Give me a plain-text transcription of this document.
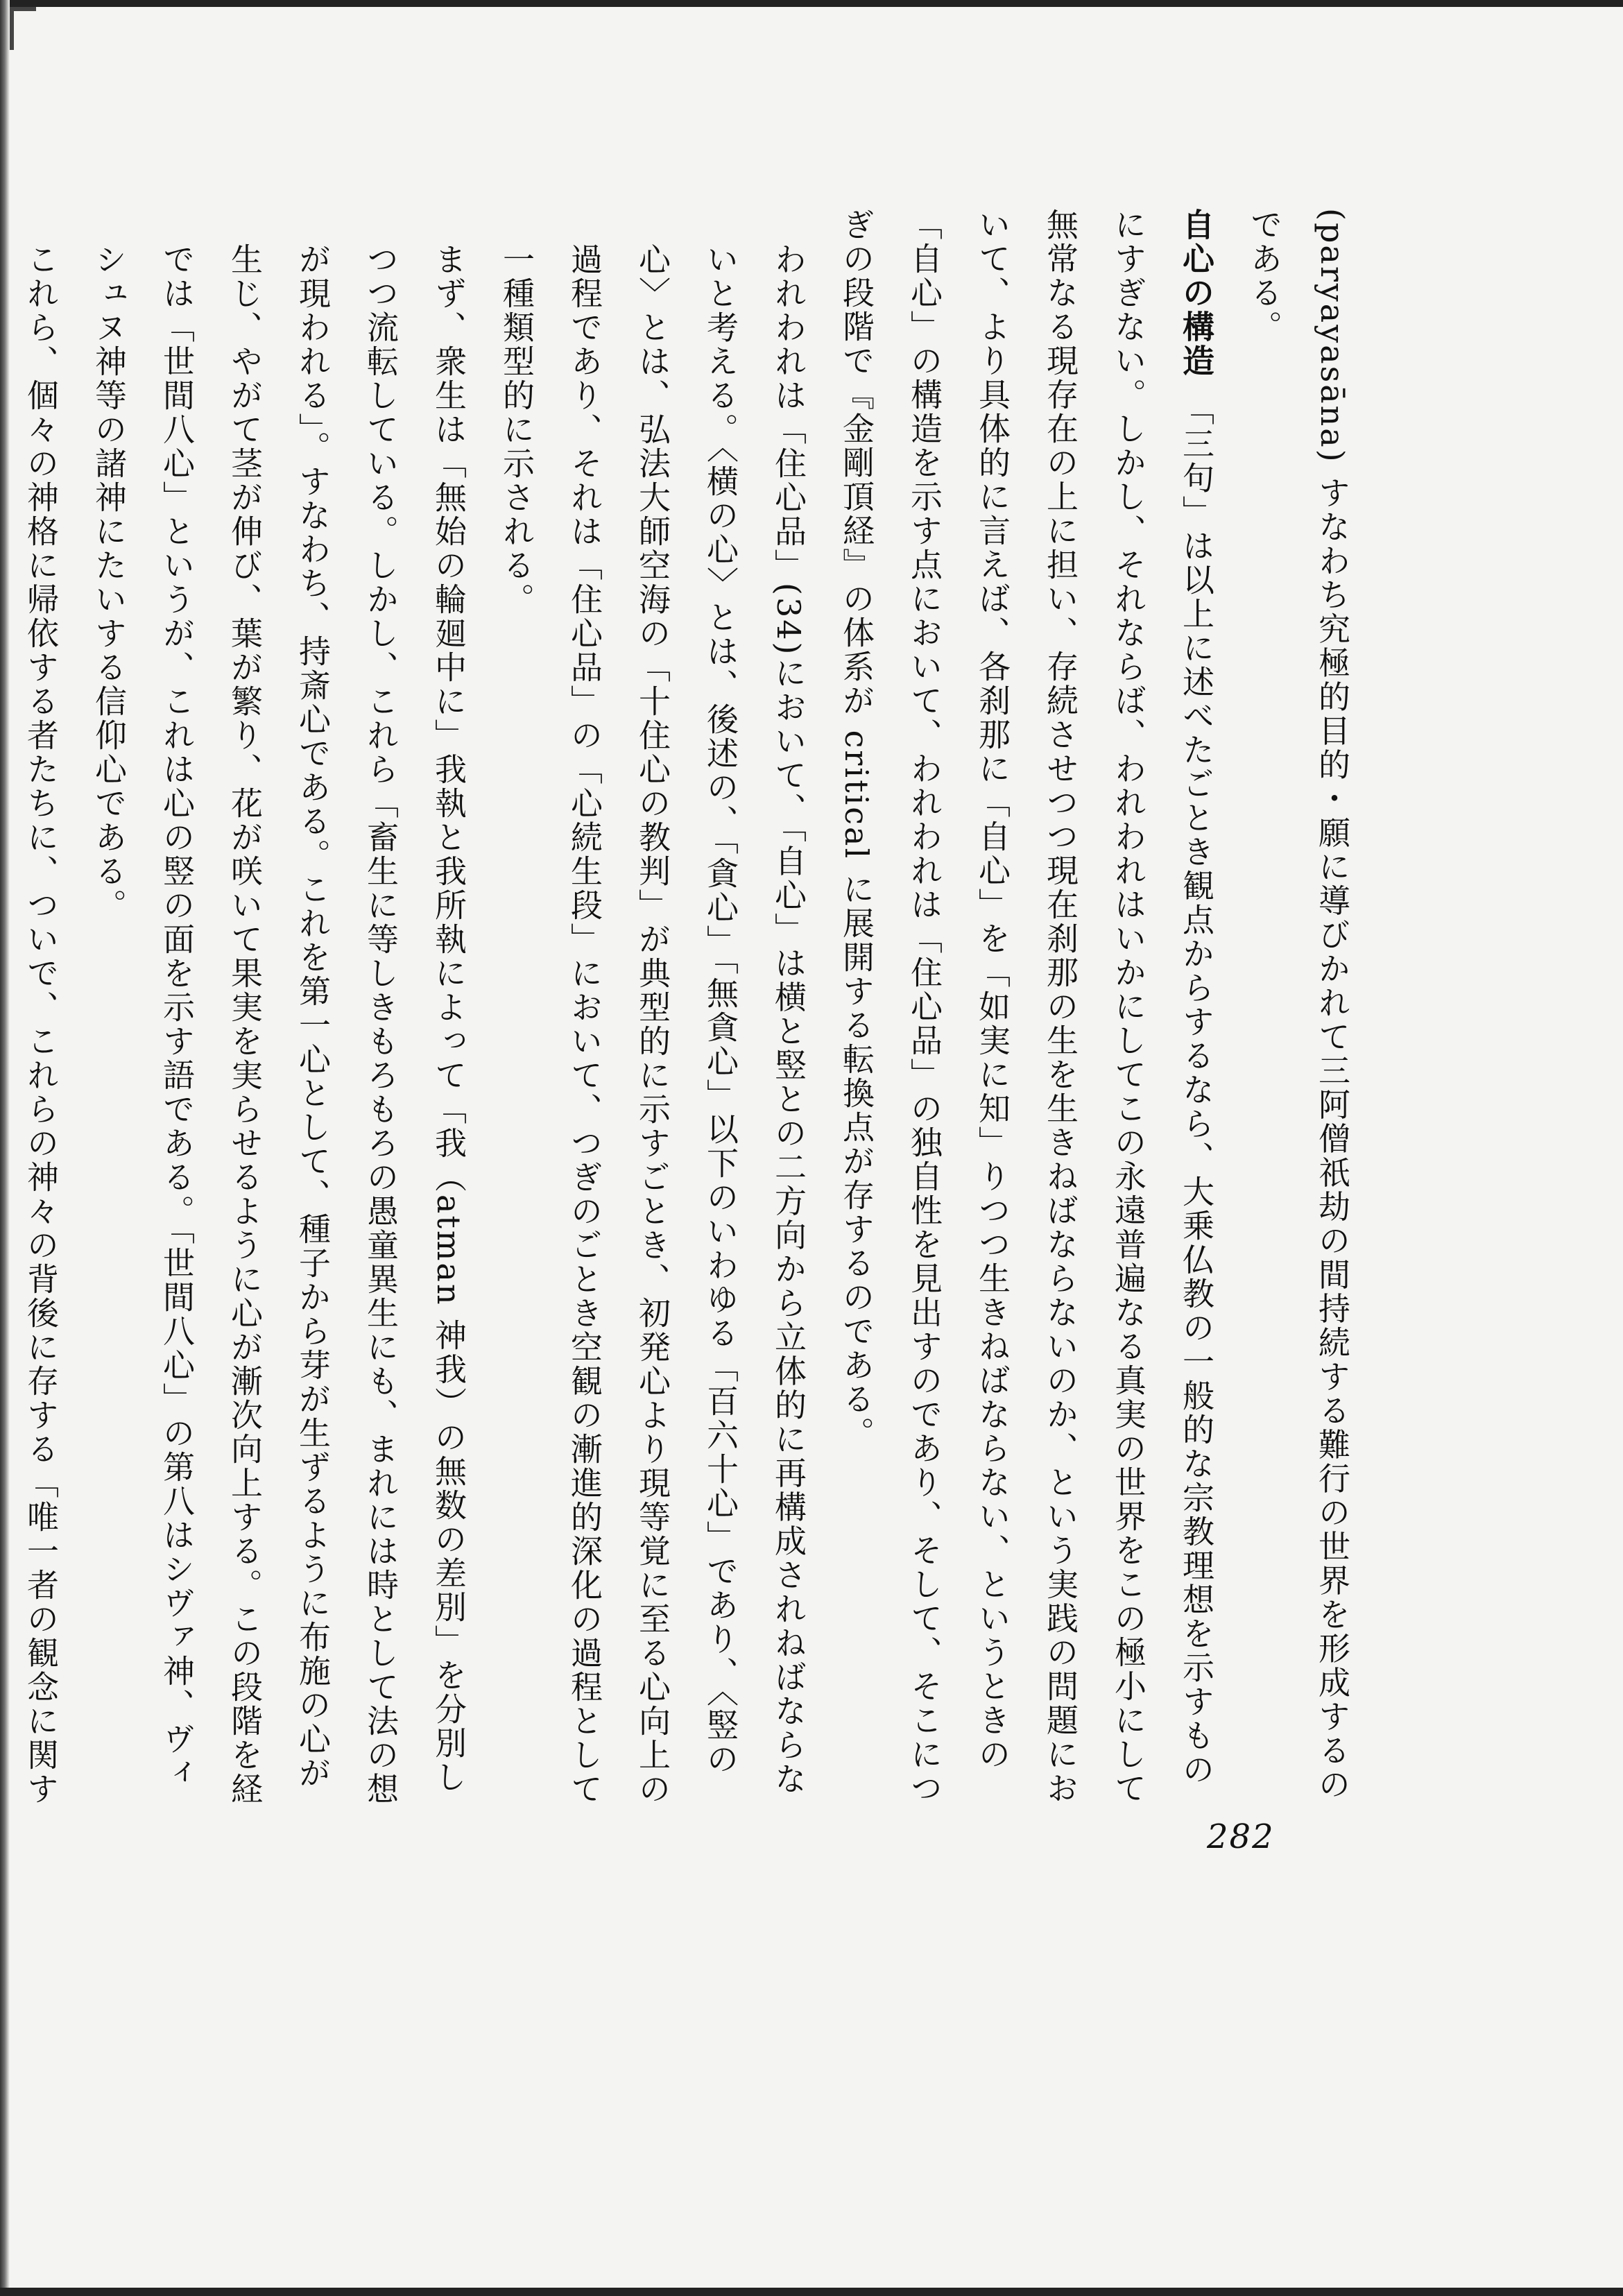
(paryayasāna) すなわち究極的目的・願に導びかれて三阿僧祇劫の間持続する難行の世界を形成するのである。

自心の構造「三句」は以上に述べたごとき観点からするなら、大乗仏教の一般的な宗教理想を示すものにすぎない。しかし、それならば、われわれはいかにしてこの永遠普遍なる真実の世界をこの極小にして無常なる現存在の上に担い、存続させつつ現在刹那の生を生きねばならないのか、という実践の問題において、より具体的に言えば、各刹那に「自心」を「如実に知」りつつ生きねばならない、というときの「自心」の構造を示す点において、われわれは「住心品」の独自性を見出すのであり、そして、そこにつぎの段階で『金剛頂経』の体系が critical に展開する転換点が存するのである。

われわれは「住心品」(34)において、「自心」は横と竪との二方向から立体的に再構成されねばならないと考える。〈横の心〉とは、後述の、「貪心」「無貪心」以下のいわゆる「百六十心」であり、〈竪の心〉とは、弘法大師空海の「十住心の教判」が典型的に示すごとき、初発心より現等覚に至る心向上の過程であり、それは「住心品」の「心続生段」において、つぎのごとき空観の漸進的深化の過程として一種類型的に示される。

まず、衆生は「無始の輪廻中に」我執と我所執によって「我（atman 神我）の無数の差別」を分別しつつ流転している。しかし、これら「畜生に等しきもろもろの愚童異生にも、まれには時として法の想が現われる」。すなわち、持斎心である。これを第一心として、種子から芽が生ずるように布施の心が生じ、やがて茎が伸び、葉が繁り、花が咲いて果実を実らせるように心が漸次向上する。この段階を経では「世間八心」というが、これは心の竪の面を示す語である。「世間八心」の第八はシヴァ神、ヴィシュヌ神等の諸神にたいする信仰心である。

これら、個々の神格に帰依する者たちに、ついで、これらの神々の背後に存する「唯一者の観念に関す

282
